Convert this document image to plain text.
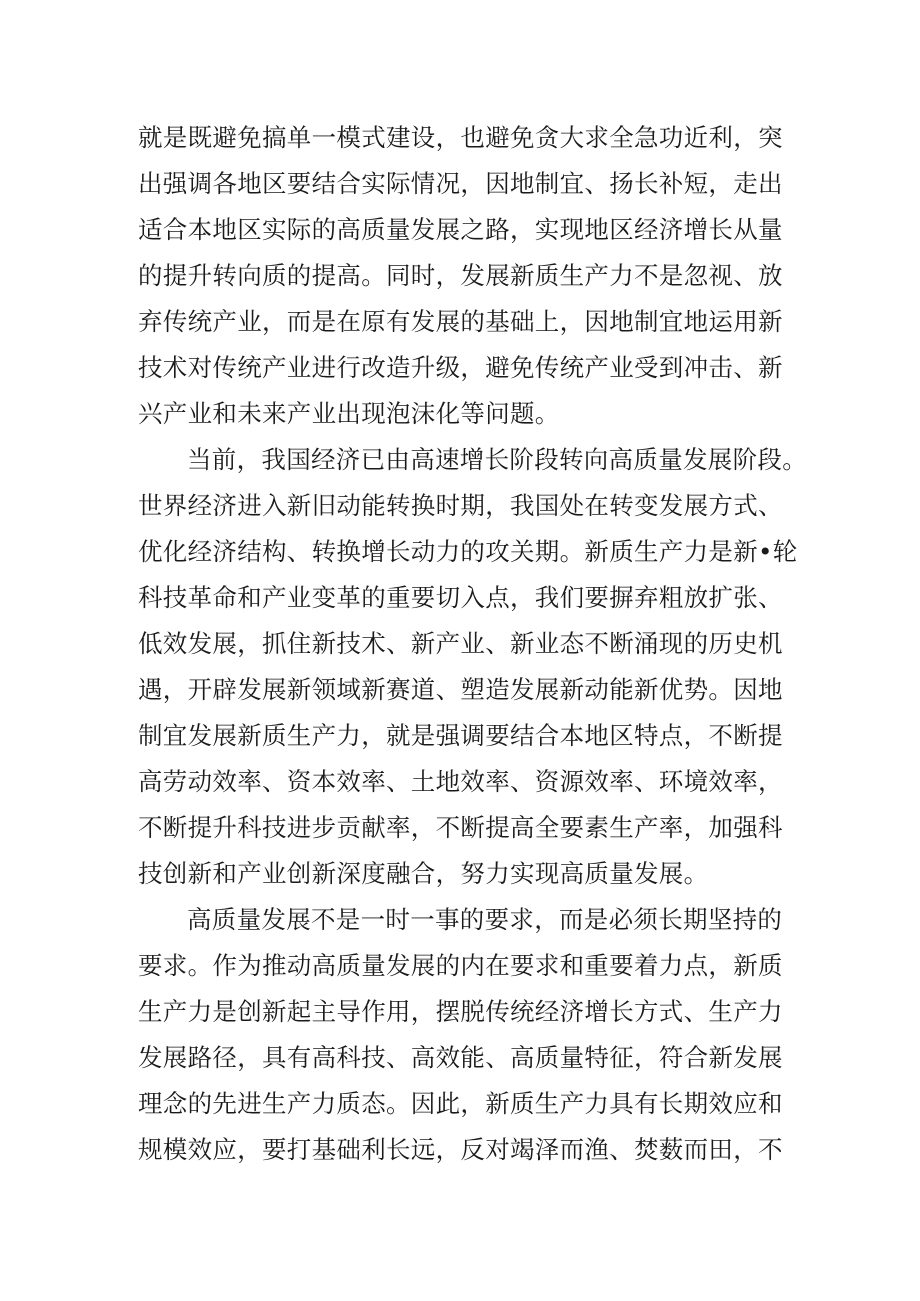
就是既避免搞单一模式建设，也避免贪大求全急功近利，突
出强调各地区要结合实际情况，因地制宜、扬长补短，走出
适合本地区实际的高质量发展之路，实现地区经济增长从量
的提升转向质的提高。同时，发展新质生产力不是忽视、放
弃传统产业，而是在原有发展的基础上，因地制宜地运用新
技术对传统产业进行改造升级，避免传统产业受到冲击、新
兴产业和未来产业出现泡沫化等问题。
当前，我国经济已由高速增长阶段转向高质量发展阶段。
世界经济进入新旧动能转换时期，我国处在转变发展方式、
优化经济结构、转换增长动力的攻关期。新质生产力是新•轮
科技革命和产业变革的重要切入点，我们要摒弃粗放扩张、
低效发展，抓住新技术、新产业、新业态不断涌现的历史机
遇，开辟发展新领域新赛道、塑造发展新动能新优势。因地
制宜发展新质生产力，就是强调要结合本地区特点，不断提
高劳动效率、资本效率、土地效率、资源效率、环境效率，
不断提升科技进步贡献率，不断提高全要素生产率，加强科
技创新和产业创新深度融合，努力实现高质量发展。
高质量发展不是一时一事的要求，而是必须长期坚持的
要求。作为推动高质量发展的内在要求和重要着力点，新质
生产力是创新起主导作用，摆脱传统经济增长方式、生产力
发展路径，具有高科技、高效能、高质量特征，符合新发展
理念的先进生产力质态。因此，新质生产力具有长期效应和
规模效应，要打基础利长远，反对竭泽而渔、焚薮而田，不
